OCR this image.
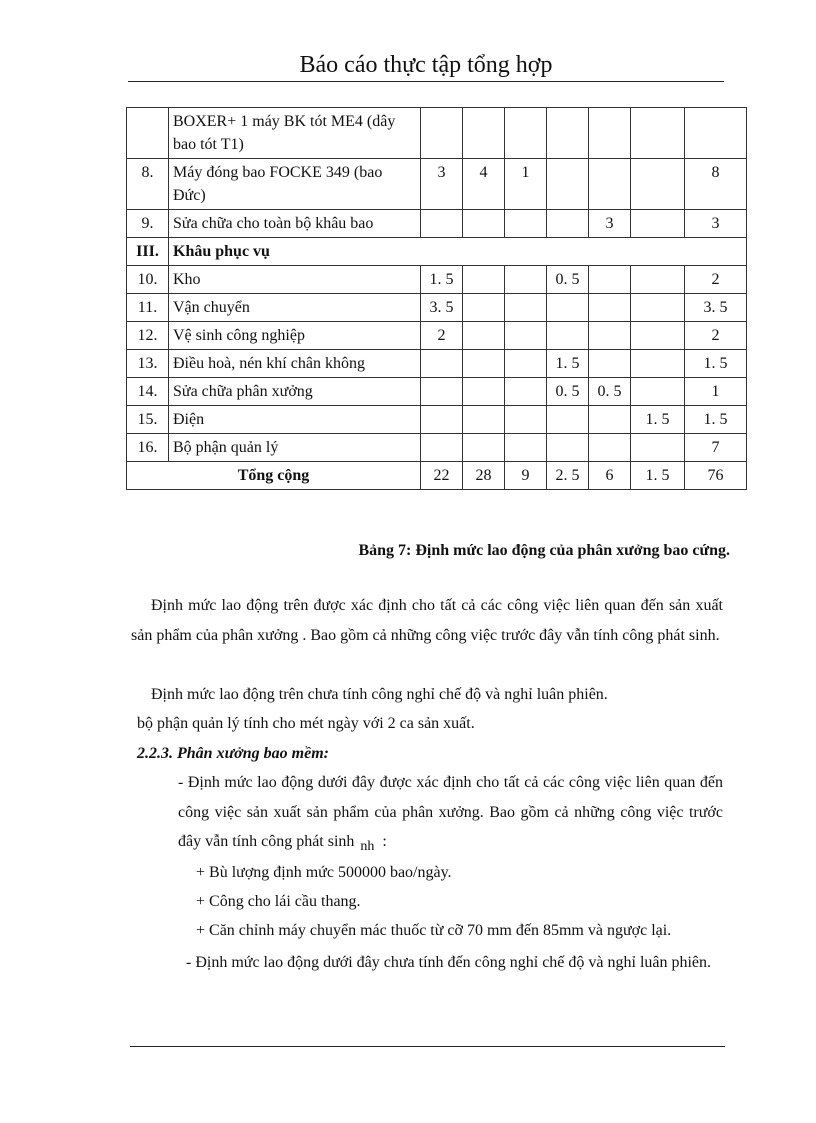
Báo cáo thực tập tổng hợp
	BOXER+ 1 máy BK tót ME4 (dây bao tót T1)							
8.	Máy đóng bao FOCKE 349 (bao Đức)	3	4	1				8
9.	Sửa chữa cho toàn bộ khâu bao					3		3
III.	Khâu phục vụ							
10.	Kho	1. 5			0. 5			2
11.	Vận chuyển	3. 5						3. 5
12.	Vệ sinh công nghiệp	2						2
13.	Điều hoà, nén khí chân không				1. 5			1. 5
14.	Sửa chữa phân xưởng				0. 5	0. 5		1
15.	Điện						1. 5	1. 5
16.	Bộ phận quản lý							7
Tổng cộng		22	28	9	2. 5	6	1. 5	76
Bảng 7: Định mức lao động của phân xưởng bao cứng.
Định mức lao động trên được xác định cho tất cả các công việc liên quan đến sản xuất sản phẩm của phân xưởng . Bao gồm cả những công việc trước đây vẫn tính công phát sinh.
Định mức lao động trên chưa tính công nghỉ chế độ và nghỉ luân phiên.
bộ phận quản lý tính cho mét ngày với 2 ca sản xuất.
2.2.3. Phân xưởng bao mềm:
- Định mức lao động dưới đây được xác định cho tất cả các công việc liên quan đến công việc sản xuất sản phẩm của phân xưởng. Bao gồm cả những công việc trước đây vẫn tính công phát sinh nh :
+ Bù lượng định mức 500000 bao/ngày.
+ Công cho lái cầu thang.
+ Căn chỉnh máy chuyển mác thuốc từ cỡ 70 mm đến 85mm và ngược lại.
- Định mức lao động dưới đây chưa tính đến công nghỉ chế độ và nghỉ luân phiên.
